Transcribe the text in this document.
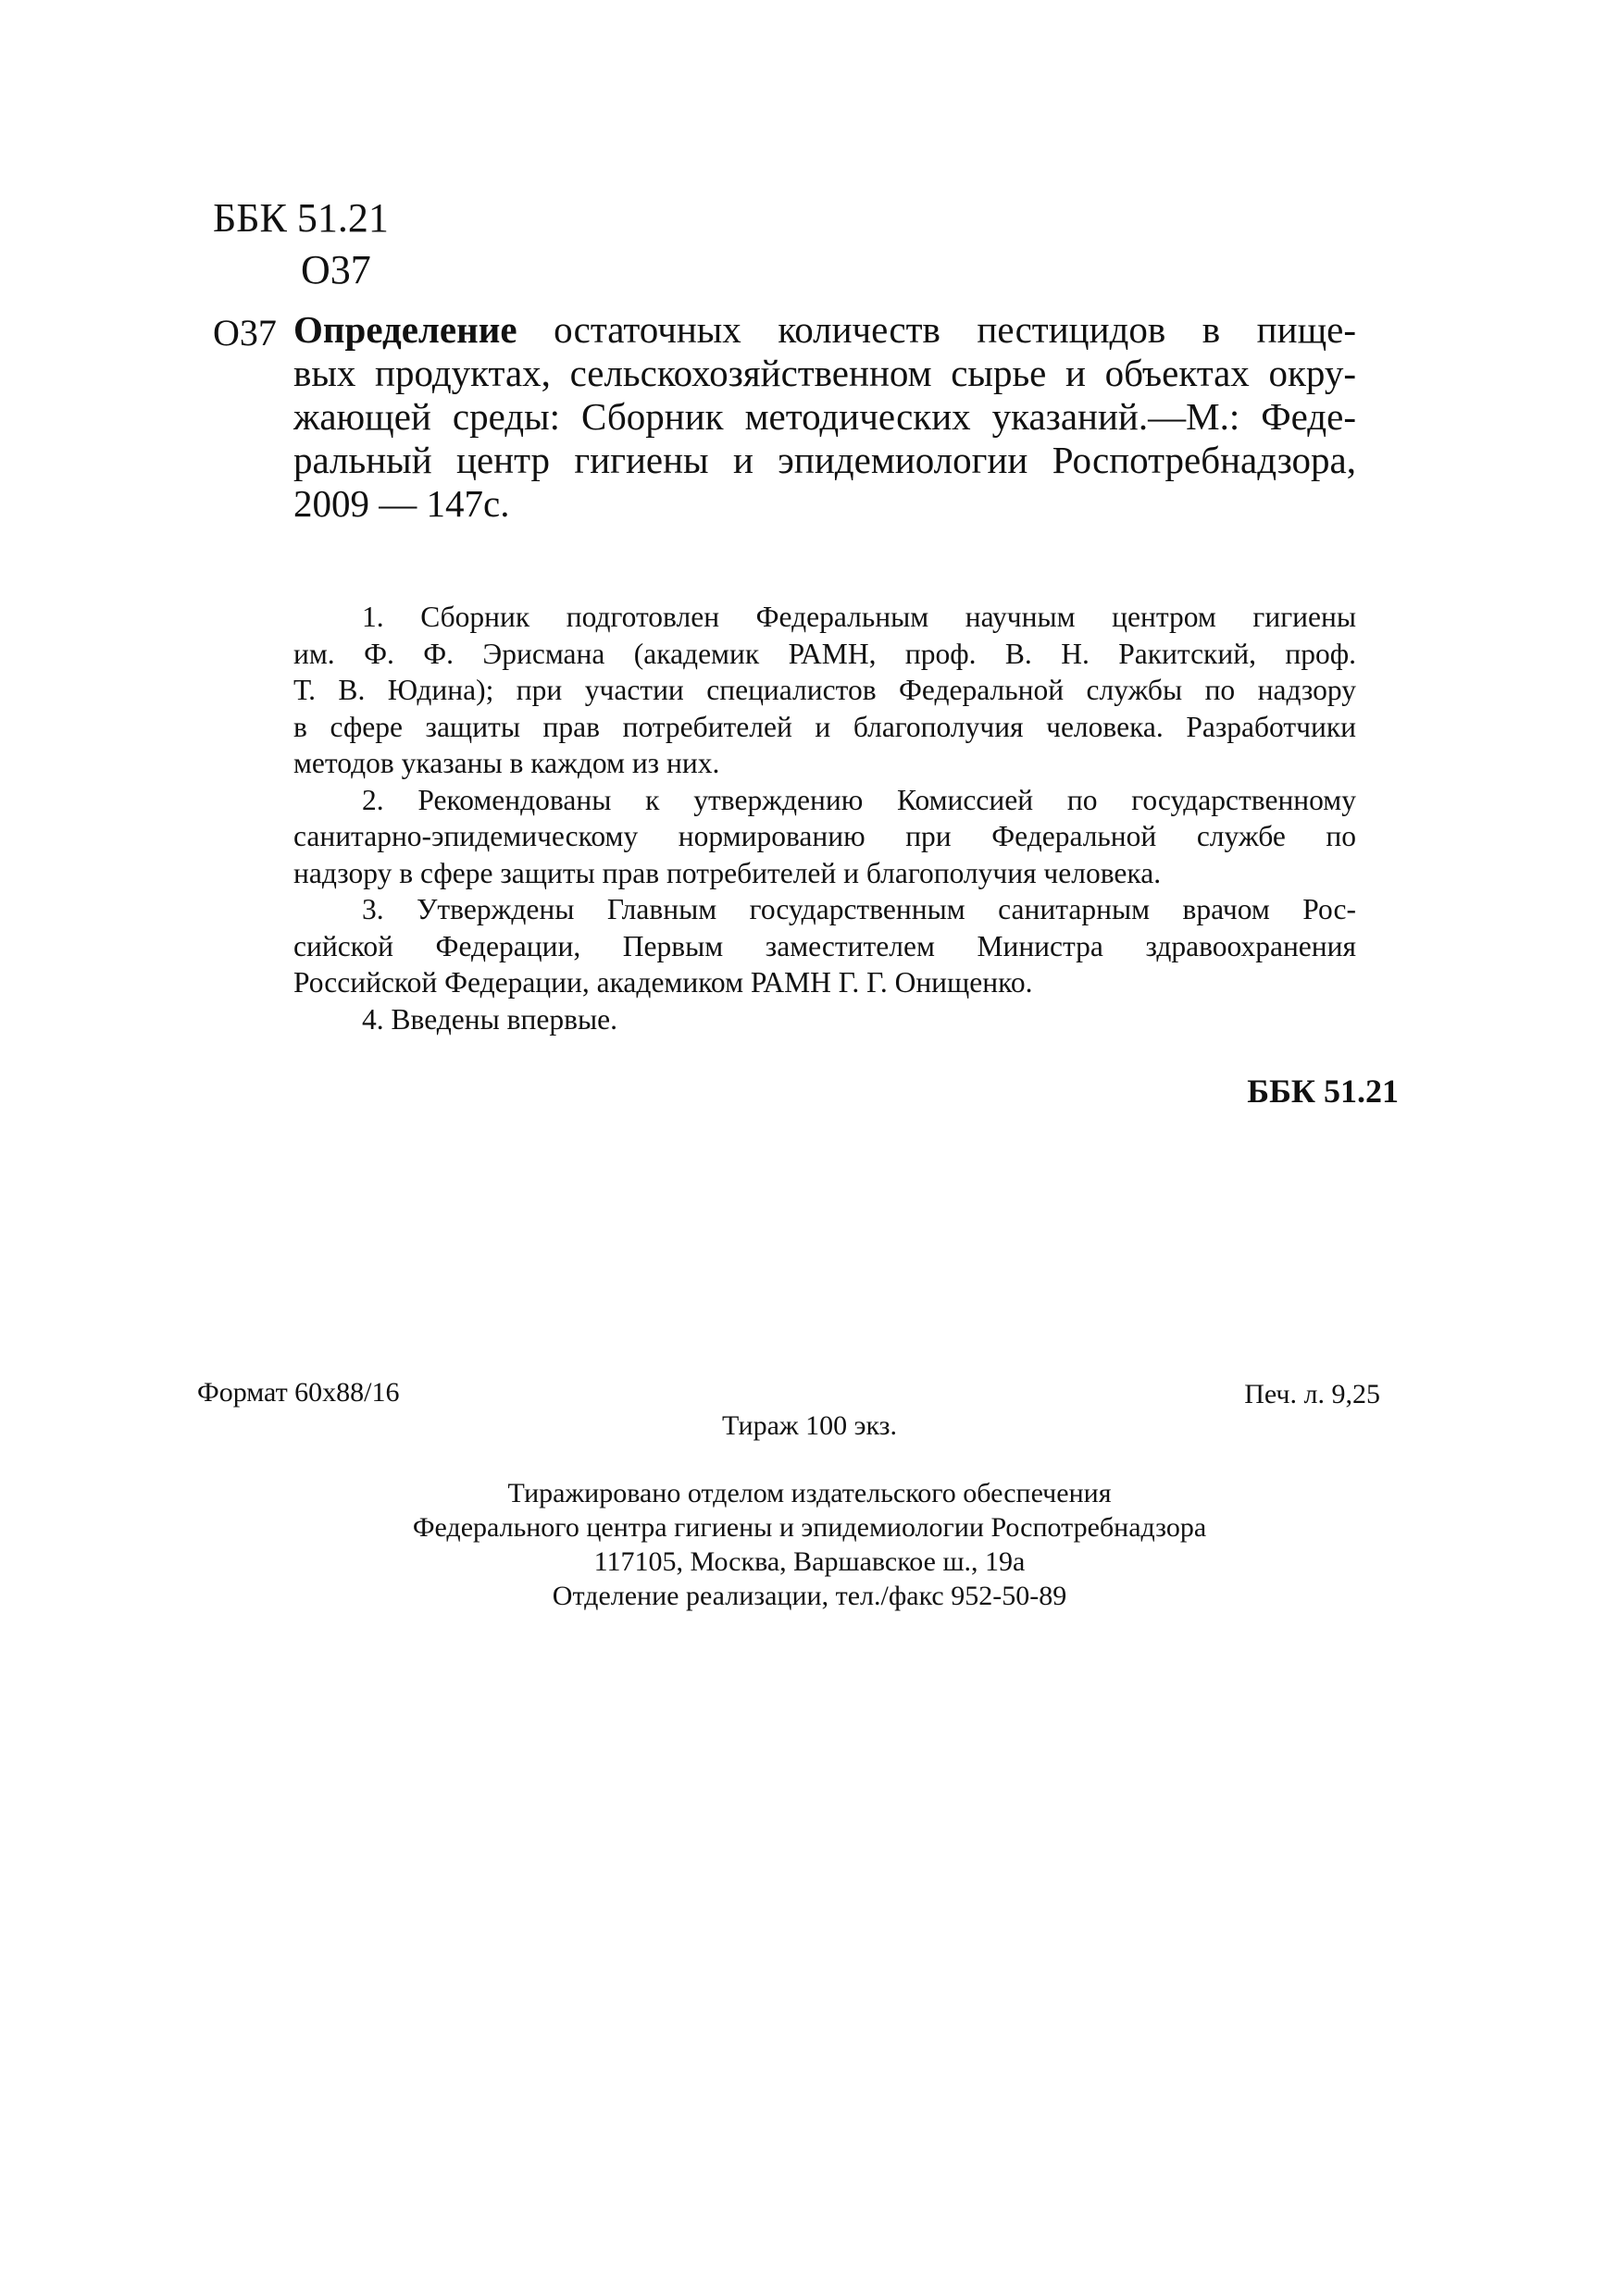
ББК 51.21
О37
О37 Определение остаточных количеств пестицидов в пище-
вых продуктах, сельскохозяйственном сырье и объектах окру-
жающей среды: Сборник методических указаний.—М.: Феде-
ральный центр гигиены и эпидемиологии Роспотребнадзора,
2009 — 147с.
1. Сборник подготовлен Федеральным научным центром гигиены
им. Ф. Ф. Эрисмана (академик РАМН, проф. В. Н. Ракитский, проф.
Т. В. Юдина); при участии специалистов Федеральной службы по надзору
в сфере защиты прав потребителей и благополучия человека. Разработчики
методов указаны в каждом из них.
2. Рекомендованы к утверждению Комиссией по государственному
санитарно-эпидемическому нормированию при Федеральной службе по
надзору в сфере защиты прав потребителей и благополучия человека.
3. Утверждены Главным государственным санитарным врачом Рос-
сийской Федерации, Первым заместителем Министра здравоохранения
Российской Федерации, академиком РАМН Г. Г. Онищенко.
4. Введены впервые.
ББК 51.21
Формат 60x88/16	Печ. л. 9,25
Тираж 100 экз.
Тиражировано отделом издательского обеспечения
Федерального центра гигиены и эпидемиологии Роспотребнадзора
117105, Москва, Варшавское ш., 19а
Отделение реализации, тел./факс 952-50-89
